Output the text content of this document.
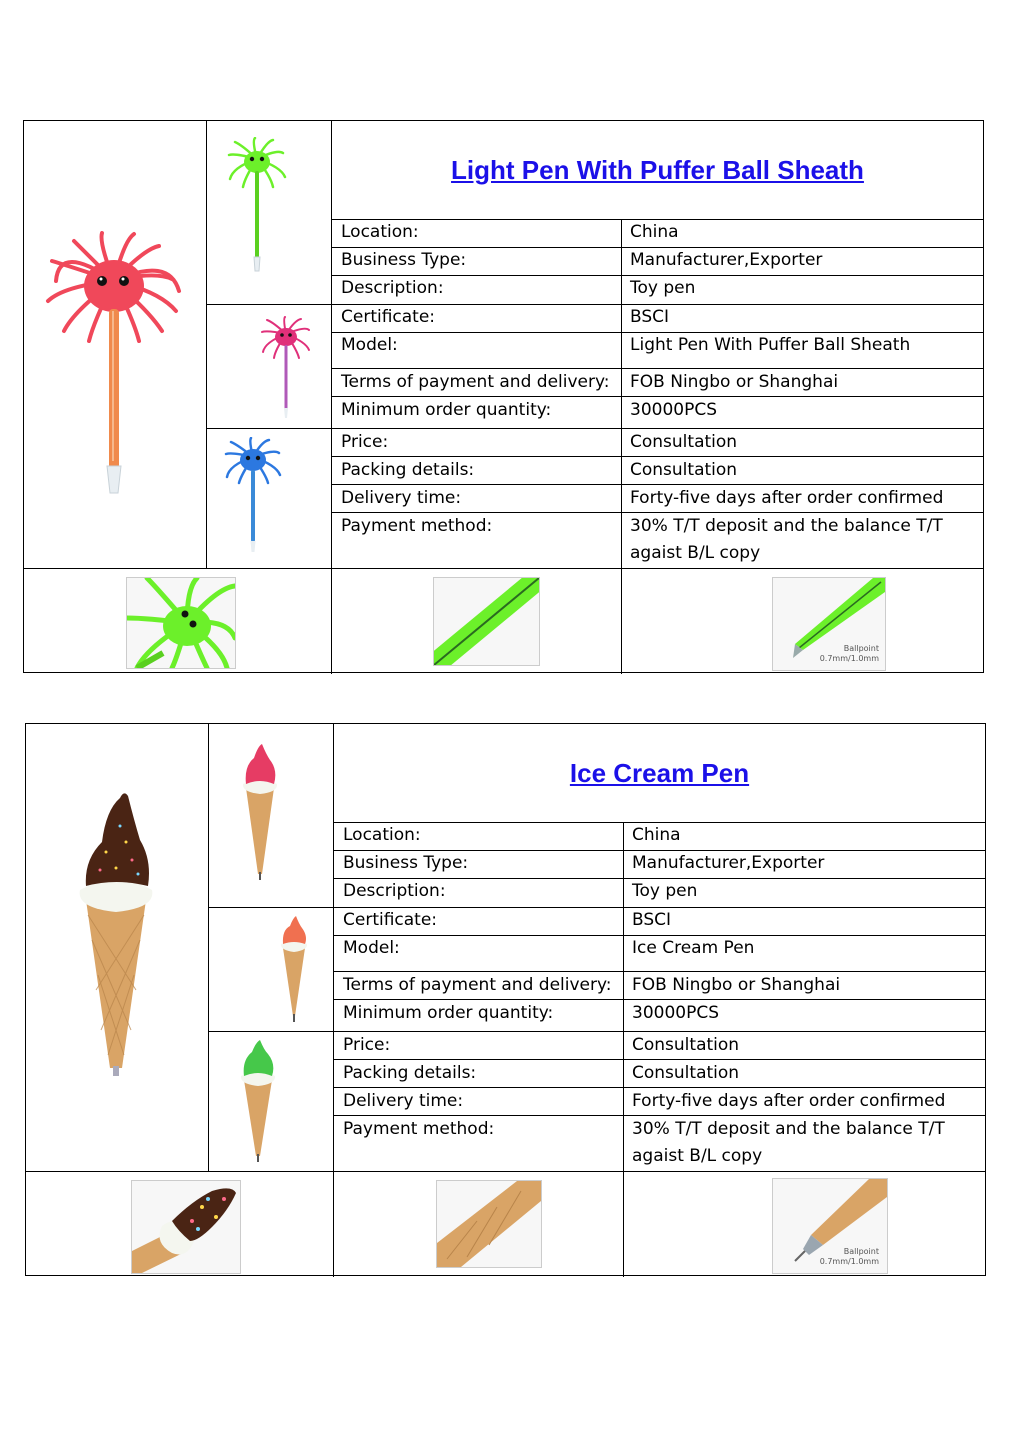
Light Pen With Puffer Ball Sheath
Location:	China
Business Type:	Manufacturer,Exporter
Description:	Toy pen
Certificate:	BSCI
Model:	Light Pen With Puffer Ball Sheath
Terms of payment and delivery: FOB Ningbo or Shanghai
Minimum order quantity:	30000PCS
Price:	Consultation
Packing details:	Consultation
Delivery time:	Forty-five days after order confirmed
Payment method:	30% T/T deposit and the balance T/T agaist B/L copy
Ballpoint
0.7mm/1.0mm
Ice Cream Pen
Location:	China
Business Type:	Manufacturer,Exporter
Description:	Toy pen
Certificate:	BSCI
Model:	Ice Cream Pen
Terms of payment and delivery: FOB Ningbo or Shanghai
Minimum order quantity:	30000PCS
Price:	Consultation
Packing details:	Consultation
Delivery time:	Forty-five days after order confirmed
Payment method:	30% T/T deposit and the balance T/T agaist B/L copy
Ballpoint
0.7mm/1.0mm
